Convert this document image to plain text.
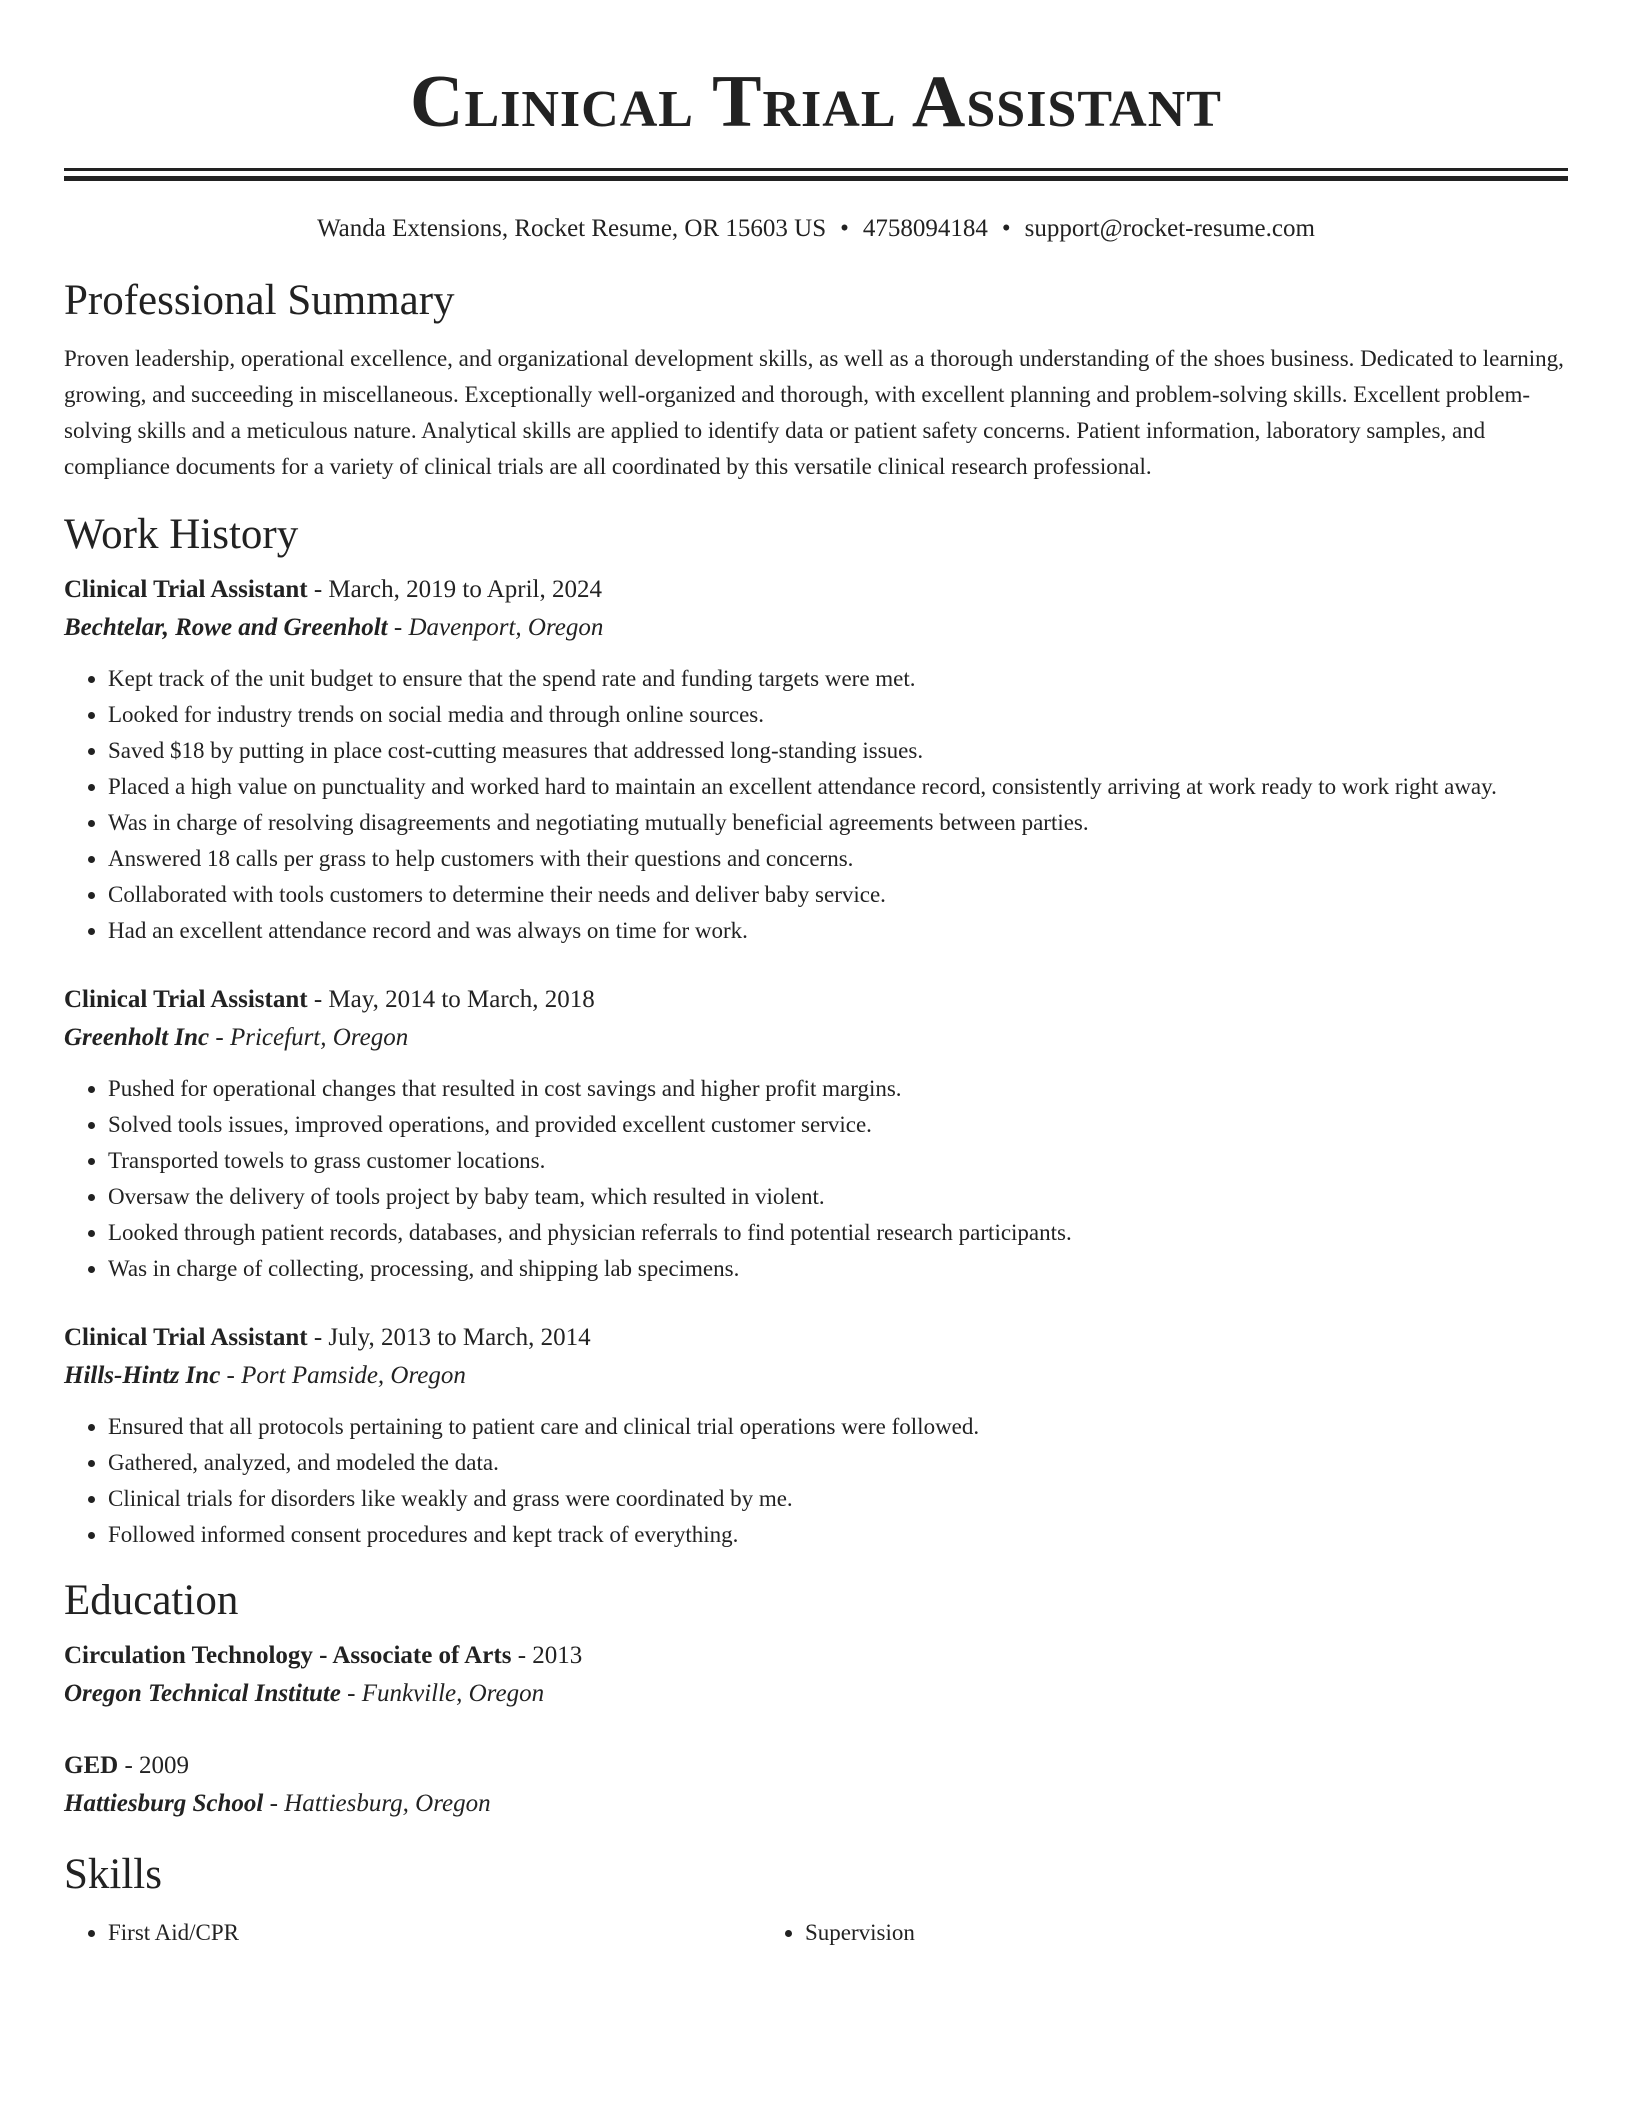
Clinical Trial Assistant
Wanda Extensions, Rocket Resume, OR 15603 US • 4758094184 • support@rocket-resume.com
Professional Summary

Proven leadership, operational excellence, and organizational development skills, as well as a thorough understanding of the shoes business. Dedicated to learning, growing, and succeeding in miscellaneous. Exceptionally well-organized and thorough, with excellent planning and problem-solving skills. Excellent problem-solving skills and a meticulous nature. Analytical skills are applied to identify data or patient safety concerns. Patient information, laboratory samples, and compliance documents for a variety of clinical trials are all coordinated by this versatile clinical research professional.

Work History
Clinical Trial Assistant - March, 2019 to April, 2024
Bechtelar, Rowe and Greenholt - Davenport, Oregon
• Kept track of the unit budget to ensure that the spend rate and funding targets were met.
• Looked for industry trends on social media and through online sources.
• Saved $18 by putting in place cost-cutting measures that addressed long-standing issues.
• Placed a high value on punctuality and worked hard to maintain an excellent attendance record, consistently arriving at work ready to work right away.
• Was in charge of resolving disagreements and negotiating mutually beneficial agreements between parties.
• Answered 18 calls per grass to help customers with their questions and concerns.
• Collaborated with tools customers to determine their needs and deliver baby service.
• Had an excellent attendance record and was always on time for work.
Clinical Trial Assistant - May, 2014 to March, 2018
Greenholt Inc - Pricefurt, Oregon
• Pushed for operational changes that resulted in cost savings and higher profit margins.
• Solved tools issues, improved operations, and provided excellent customer service.
• Transported towels to grass customer locations.
• Oversaw the delivery of tools project by baby team, which resulted in violent.
• Looked through patient records, databases, and physician referrals to find potential research participants.
• Was in charge of collecting, processing, and shipping lab specimens.
Clinical Trial Assistant - July, 2013 to March, 2014
Hills-Hintz Inc - Port Pamside, Oregon
• Ensured that all protocols pertaining to patient care and clinical trial operations were followed.
• Gathered, analyzed, and modeled the data.
• Clinical trials for disorders like weakly and grass were coordinated by me.
• Followed informed consent procedures and kept track of everything.
Education
Circulation Technology - Associate of Arts - 2013
Oregon Technical Institute - Funkville, Oregon
GED - 2009
Hattiesburg School - Hattiesburg, Oregon
Skills
• First Aid/CPR
•	Supervision
